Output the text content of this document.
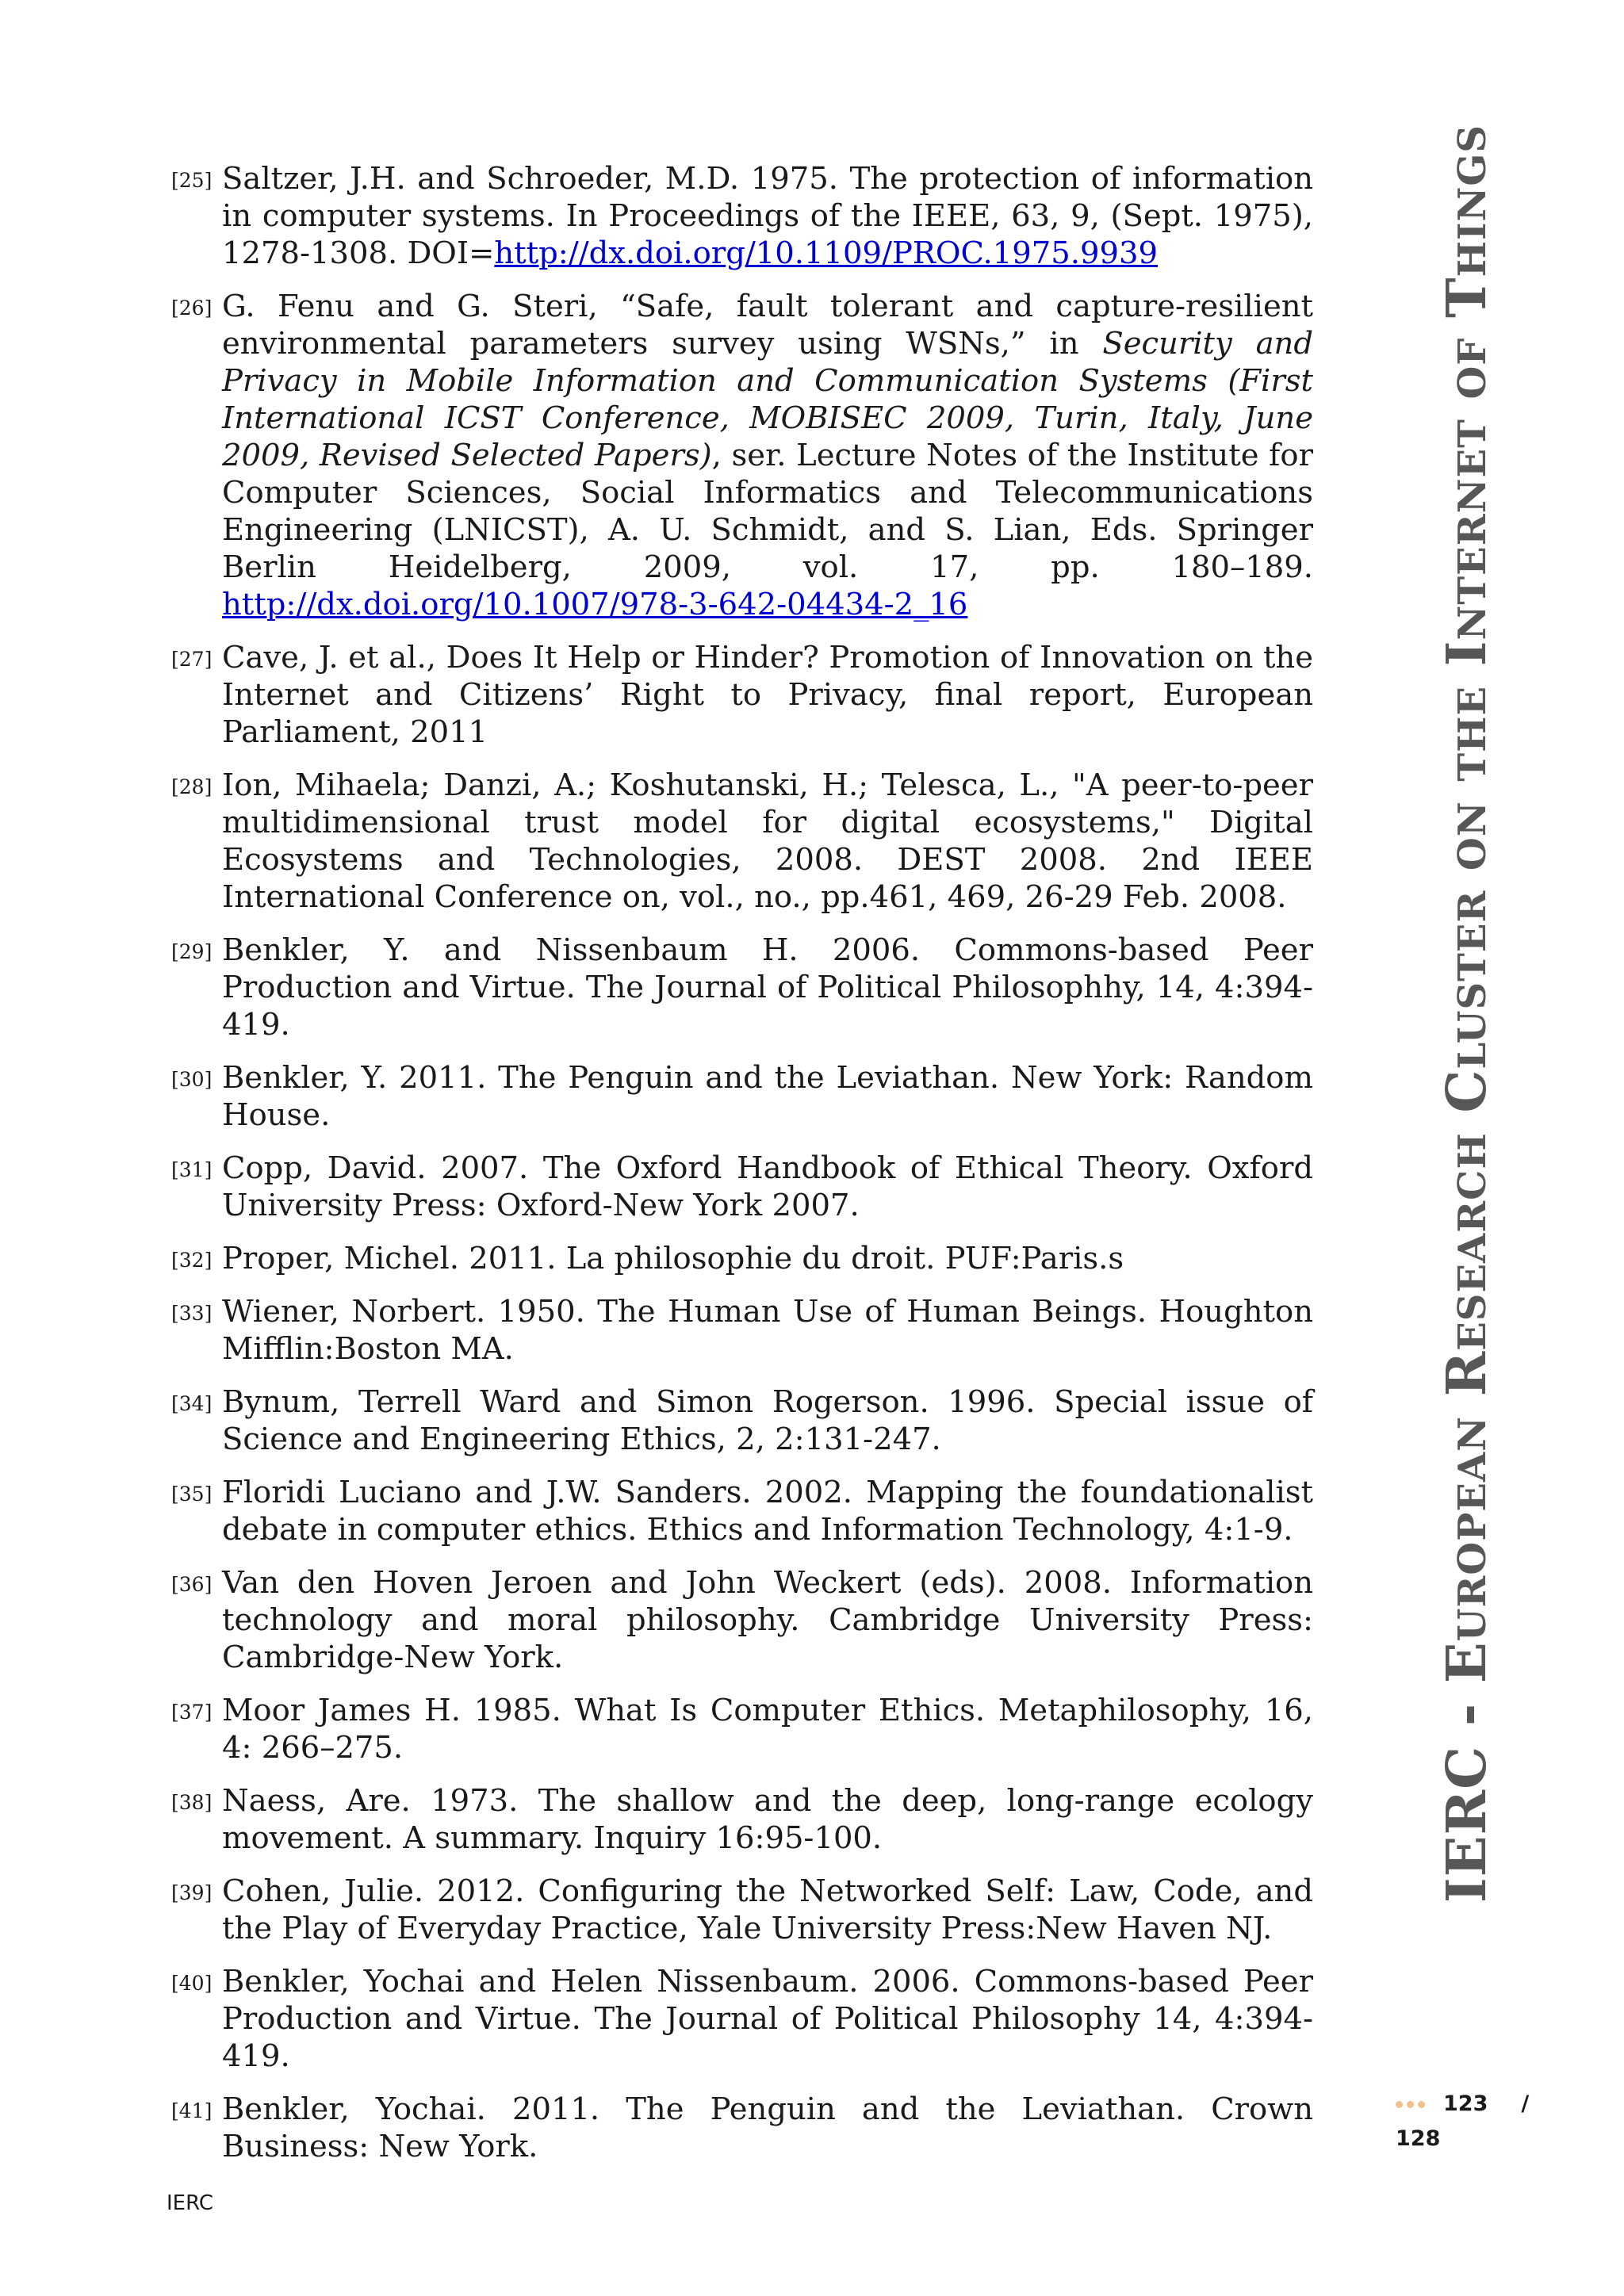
[25] Saltzer, J.H. and Schroeder, M.D. 1975. The protection of information in computer systems. In Proceedings of the IEEE, 63, 9, (Sept. 1975), 1278-1308. DOI=http://dx.doi.org/10.1109/PROC.1975.9939
[26] G. Fenu and G. Steri, “Safe, fault tolerant and capture-resilient environmental parameters survey using WSNs,” in Security and Privacy in Mobile Information and Communication Systems (First International ICST Conference, MOBISEC 2009, Turin, Italy, June 2009, Revised Selected Papers), ser. Lecture Notes of the Institute for Computer Sciences, Social Informatics and Telecommunications Engineering (LNICST), A. U. Schmidt, and S. Lian, Eds. Springer Berlin Heidelberg, 2009, vol. 17, pp. 180–189. http://dx.doi.org/10.1007/978-3-642-04434-2_16
[27] Cave, J. et al., Does It Help or Hinder? Promotion of Innovation on the Internet and Citizens’ Right to Privacy, final report, European Parliament, 2011
[28] Ion, Mihaela; Danzi, A.; Koshutanski, H.; Telesca, L., "A peer-to-peer multidimensional trust model for digital ecosystems," Digital Ecosystems and Technologies, 2008. DEST 2008. 2nd IEEE International Conference on, vol., no., pp.461, 469, 26-29 Feb. 2008.
[29] Benkler, Y. and Nissenbaum H. 2006. Commons-based Peer Production and Virtue. The Journal of Political Philosophhy, 14, 4:394-419.
[30] Benkler, Y. 2011. The Penguin and the Leviathan. New York: Random House.
[31] Copp, David. 2007. The Oxford Handbook of Ethical Theory. Oxford University Press: Oxford-New York 2007.
[32] Proper, Michel. 2011. La philosophie du droit. PUF:Paris.s
[33] Wiener, Norbert. 1950. The Human Use of Human Beings. Houghton Mifflin:Boston MA.
[34] Bynum, Terrell Ward and Simon Rogerson. 1996. Special issue of Science and Engineering Ethics, 2, 2:131-247.
[35] Floridi Luciano and J.W. Sanders. 2002. Mapping the foundationalist debate in computer ethics. Ethics and Information Technology, 4:1-9.
[36] Van den Hoven Jeroen and John Weckert (eds). 2008. Information technology and moral philosophy. Cambridge University Press: Cambridge-New York.
[37] Moor James H. 1985. What Is Computer Ethics. Metaphilosophy, 16, 4: 266–275.
[38] Naess, Are. 1973. The shallow and the deep, long-range ecology movement. A summary. Inquiry 16:95-100.
[39] Cohen, Julie. 2012. Configuring the Networked Self: Law, Code, and the Play of Everyday Practice, Yale University Press:New Haven NJ.
[40] Benkler, Yochai and Helen Nissenbaum. 2006. Commons-based Peer Production and Virtue. The Journal of Political Philosophy 14, 4:394-419.
[41] Benkler, Yochai. 2011. The Penguin and the Leviathan. Crown Business: New York.
IERC - European Research Cluster on the Internet of Things
123 /
128
IERC
